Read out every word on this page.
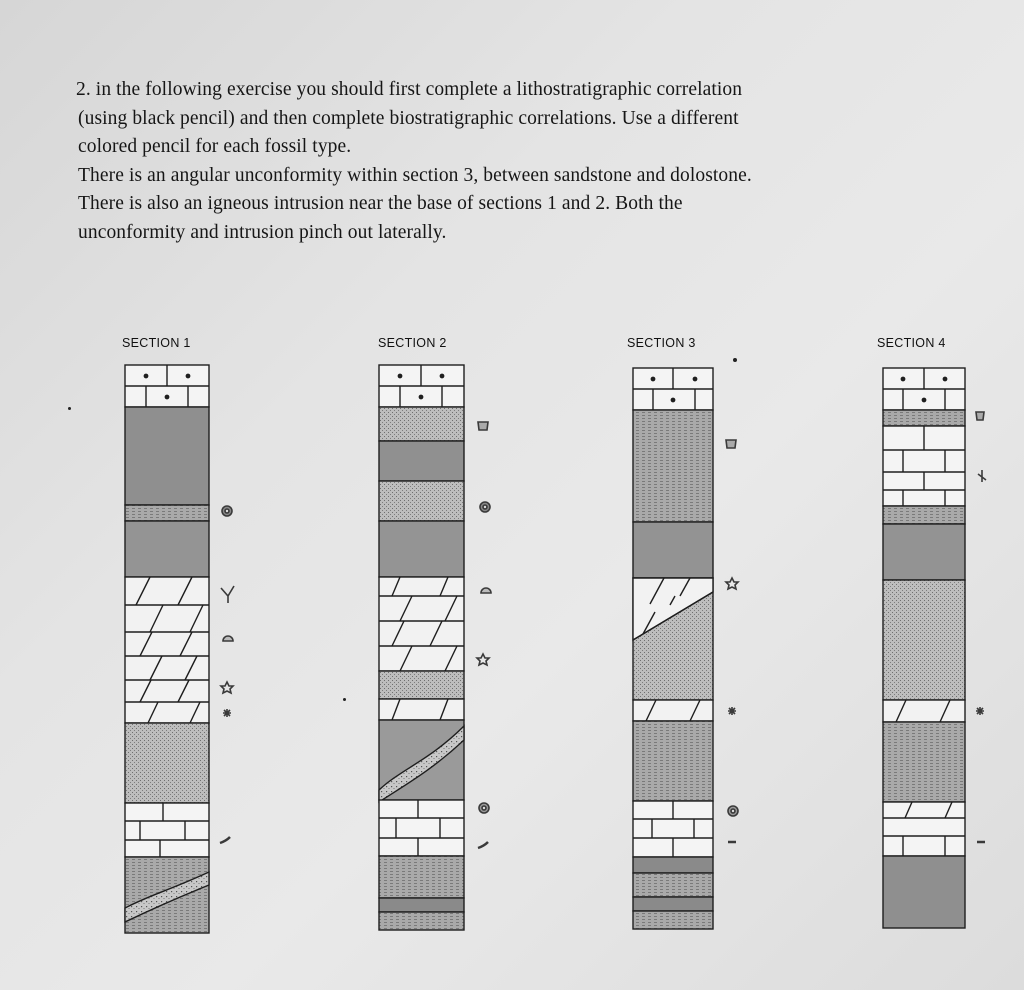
2. in the following exercise you should first complete a lithostratigraphic correlation

(using black pencil) and then complete biostratigraphic correlations. Use a different

colored pencil for each fossil type.

There is an angular unconformity within section 3, between sandstone and dolostone.

There is also an igneous intrusion near the base of sections 1 and 2. Both the

unconformity and intrusion pinch out laterally.

SECTION 1	SECTION 2	SECTION 3	SECTION 4
